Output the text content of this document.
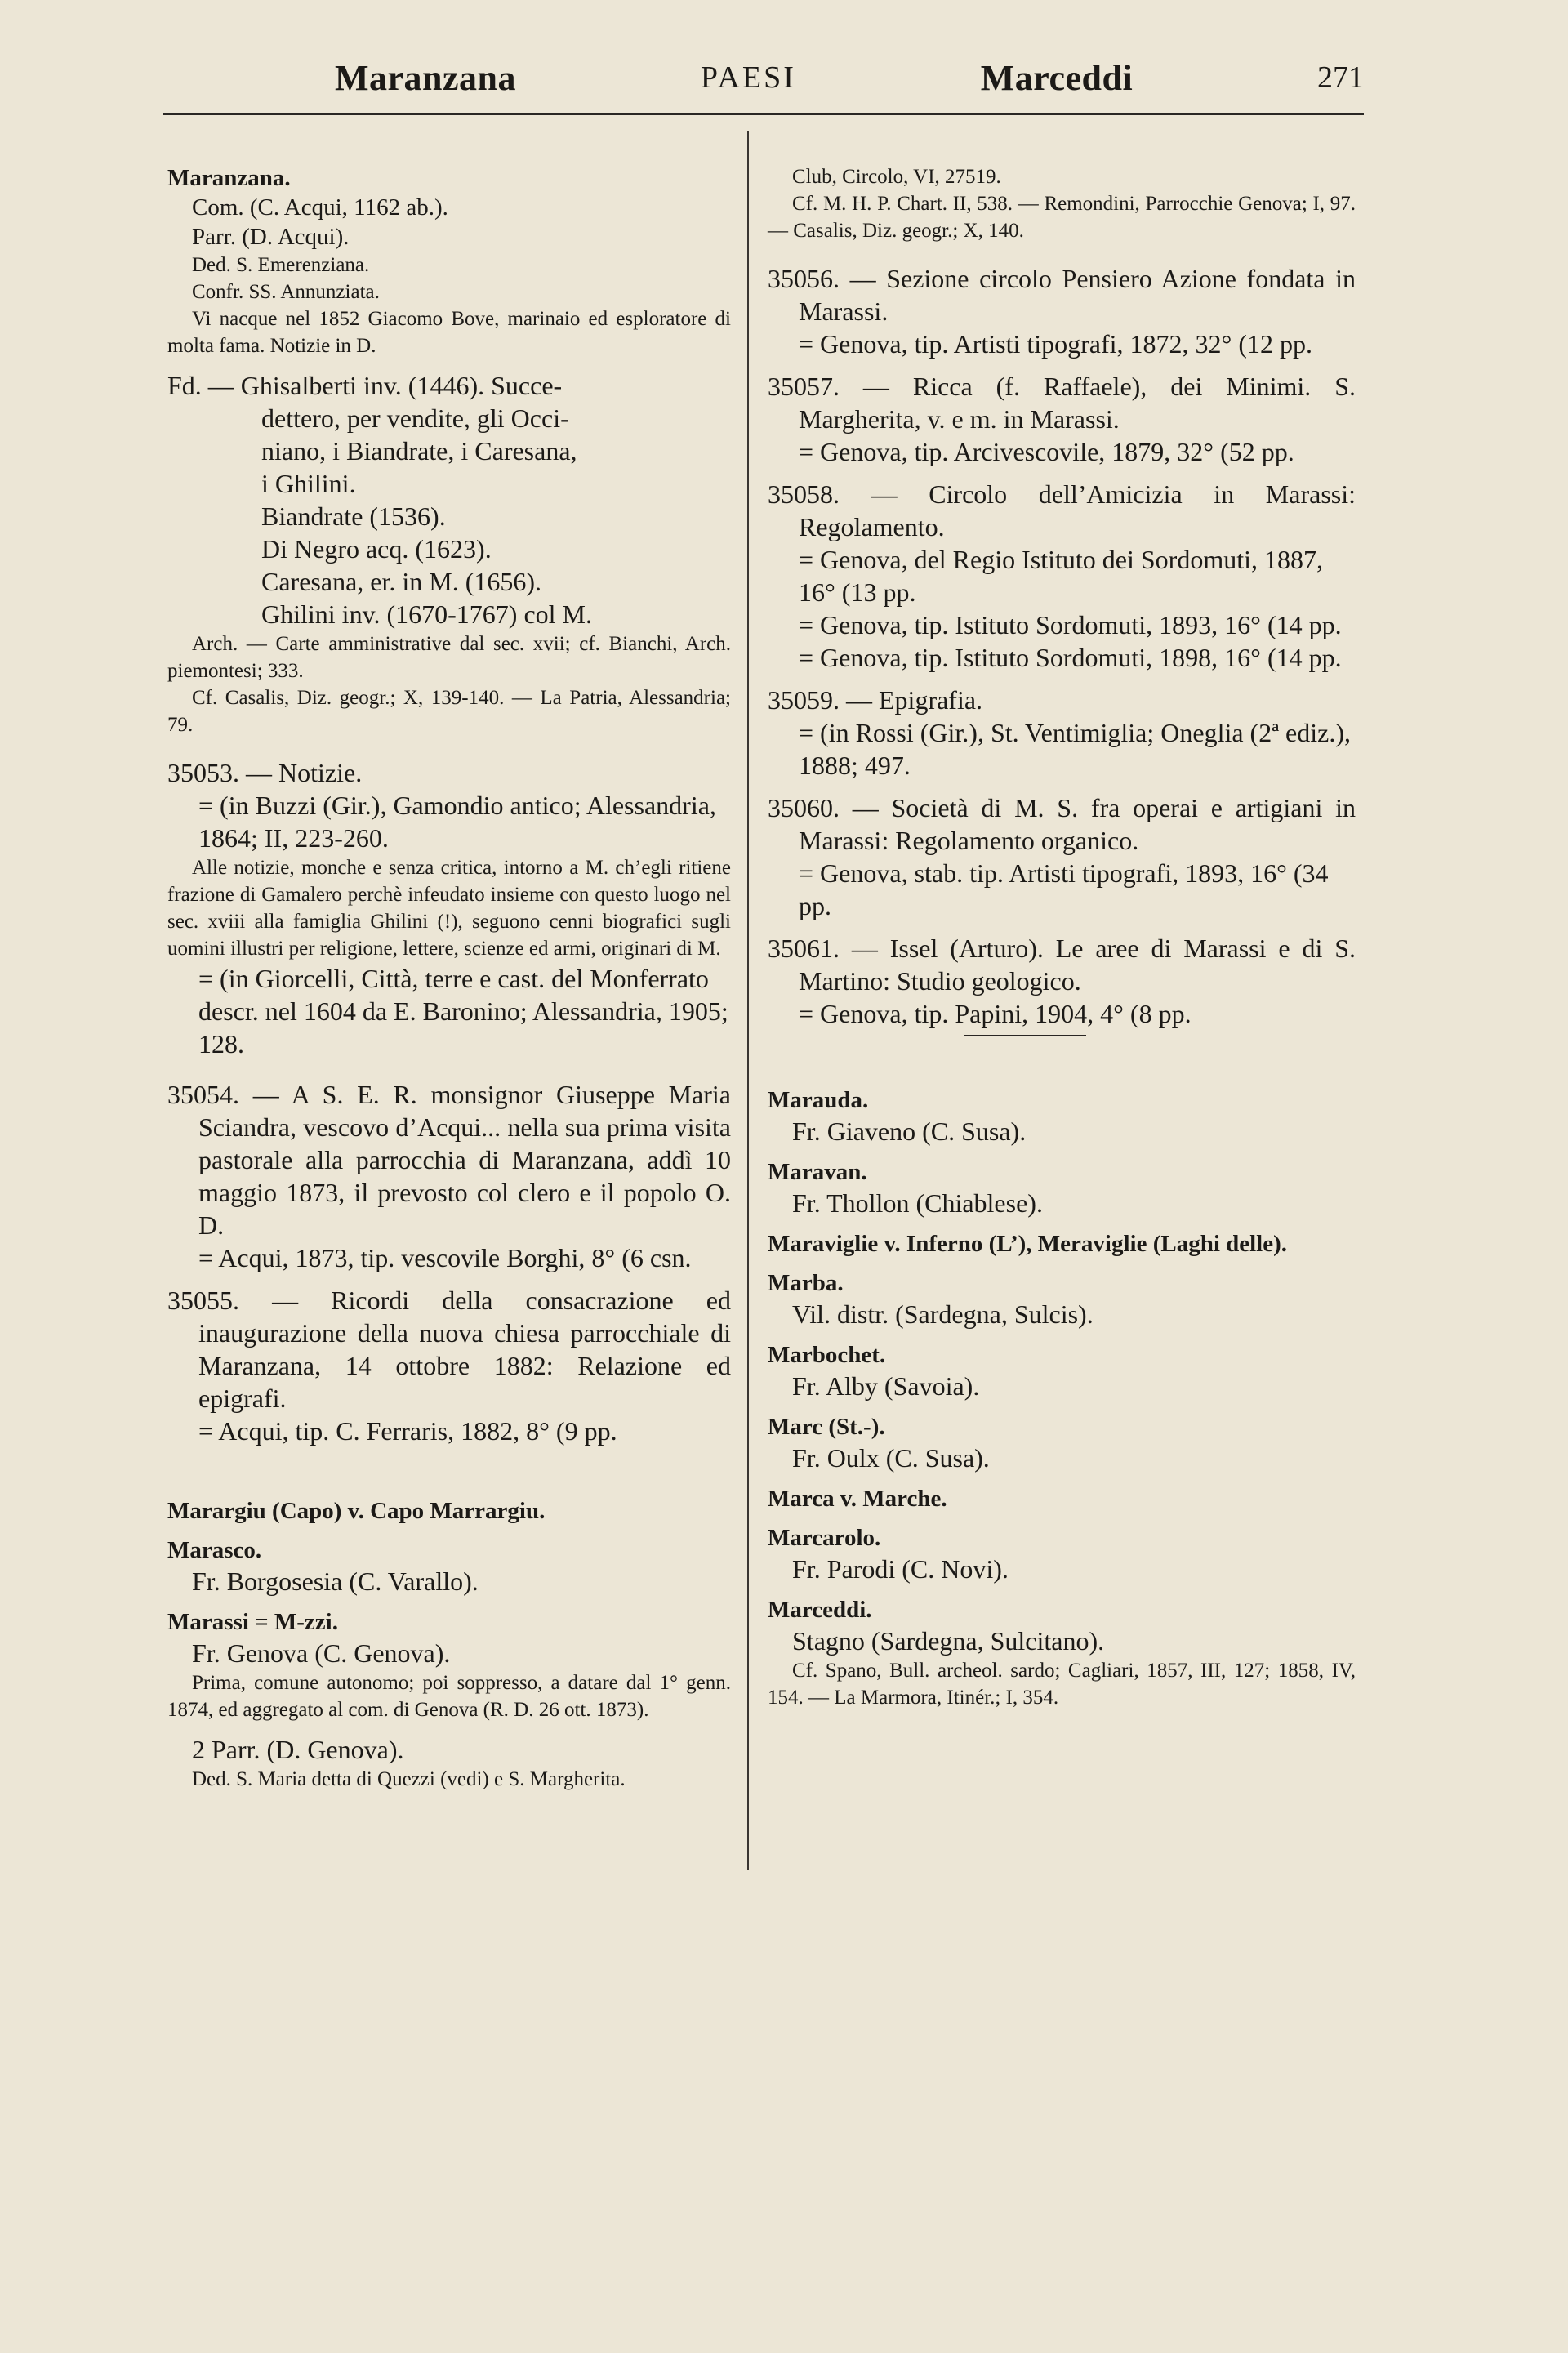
Maranzana	PAESI	Marceddi	271

Maranzana.

Com. (C. Acqui, 1162 ab.).
Parr. (D. Acqui).
Ded. S. Emerenziana.
Confr. SS. Annunziata.
Vi nacque nel 1852 Giacomo Bove, marinaio ed esploratore di molta fama. Notizie in D.
Fd. — Ghisalberti inv. (1446). Succe-
dettero, per vendite, gli Occi-
niano, i Biandrate, i Caresana,
i Ghilini.
Biandrate (1536).
Di Negro acq. (1623).
Caresana, er. in M. (1656).
Ghilini inv. (1670-1767) col M.
Arch. — Carte amministrative dal sec. xvii; cf. Bianchi, Arch. piemontesi; 333.
Cf. Casalis, Diz. geogr.; X, 139-140. — La Patria, Alessandria; 79.
35053. — Notizie.
= (in Buzzi (Gir.), Gamondio antico; Alessandria, 1864; II, 223-260.
Alle notizie, monche e senza critica, intorno a M. ch’egli ritiene frazione di Gamalero perchè infeudato insieme con questo luogo nel sec. xviii alla famiglia Ghilini (!), seguono cenni biografici sugli uomini illustri per religione, lettere, scienze ed armi, originari di M.
= (in Giorcelli, Città, terre e cast. del Monferrato descr. nel 1604 da E. Baronino; Alessandria, 1905; 128.
35054. — A S. E. R. monsignor Giuseppe Maria Sciandra, vescovo d’Acqui... nella sua prima visita pastorale alla parrocchia di Maranzana, addì 10 maggio 1873, il prevosto col clero e il popolo O. D.
= Acqui, 1873, tip. vescovile Borghi, 8° (6 csn.
35055. — Ricordi della consacrazione ed inaugurazione della nuova chiesa parrocchiale di Maranzana, 14 ottobre 1882: Relazione ed epigrafi.
= Acqui, tip. C. Ferraris, 1882, 8° (9 pp.

Marargiu (Capo) v. Capo Marrargiu.

Marasco.

Fr. Borgosesia (C. Varallo).

Marassi = M-zzi.

Fr. Genova (C. Genova).
Prima, comune autonomo; poi soppresso, a datare dal 1° genn. 1874, ed aggregato al com. di Genova (R. D. 26 ott. 1873).
2 Parr. (D. Genova).
Ded. S. Maria detta di Quezzi (vedi) e S. Margherita.
Club, Circolo, VI, 27519.
Cf. M. H. P. Chart. II, 538. — Remondini, Parrocchie Genova; I, 97. — Casalis, Diz. geogr.; X, 140.
35056. — Sezione circolo Pensiero Azione fondata in Marassi.
= Genova, tip. Artisti tipografi, 1872, 32° (12 pp.
35057. — Ricca (f. Raffaele), dei Minimi. S. Margherita, v. e m. in Marassi.
= Genova, tip. Arcivescovile, 1879, 32° (52 pp.
35058. — Circolo dell’Amicizia in Marassi: Regolamento.
= Genova, del Regio Istituto dei Sordomuti, 1887, 16° (13 pp.
= Genova, tip. Istituto Sordomuti, 1893, 16° (14 pp.
= Genova, tip. Istituto Sordomuti, 1898, 16° (14 pp.
35059. — Epigrafia.
= (in Rossi (Gir.), St. Ventimiglia; Oneglia (2ª ediz.), 1888; 497.
35060. — Società di M. S. fra operai e artigiani in Marassi: Regolamento organico.
= Genova, stab. tip. Artisti tipografi, 1893, 16° (34 pp.
35061. — Issel (Arturo). Le aree di Marassi e di S. Martino: Studio geologico.
= Genova, tip. Papini, 1904, 4° (8 pp.

Marauda.

Fr. Giaveno (C. Susa).

Maravan.

Fr. Thollon (Chiablese).

Maraviglie v. Inferno (L’), Meraviglie (Laghi delle).

Marba.

Vil. distr. (Sardegna, Sulcis).

Marbochet.

Fr. Alby (Savoia).

Marc (St.-).

Fr. Oulx (C. Susa).

Marca v. Marche.

Marcarolo.

Fr. Parodi (C. Novi).

Marceddi.

Stagno (Sardegna, Sulcitano).
Cf. Spano, Bull. archeol. sardo; Cagliari, 1857, III, 127; 1858, IV, 154. — La Marmora, Itinér.; I, 354.
